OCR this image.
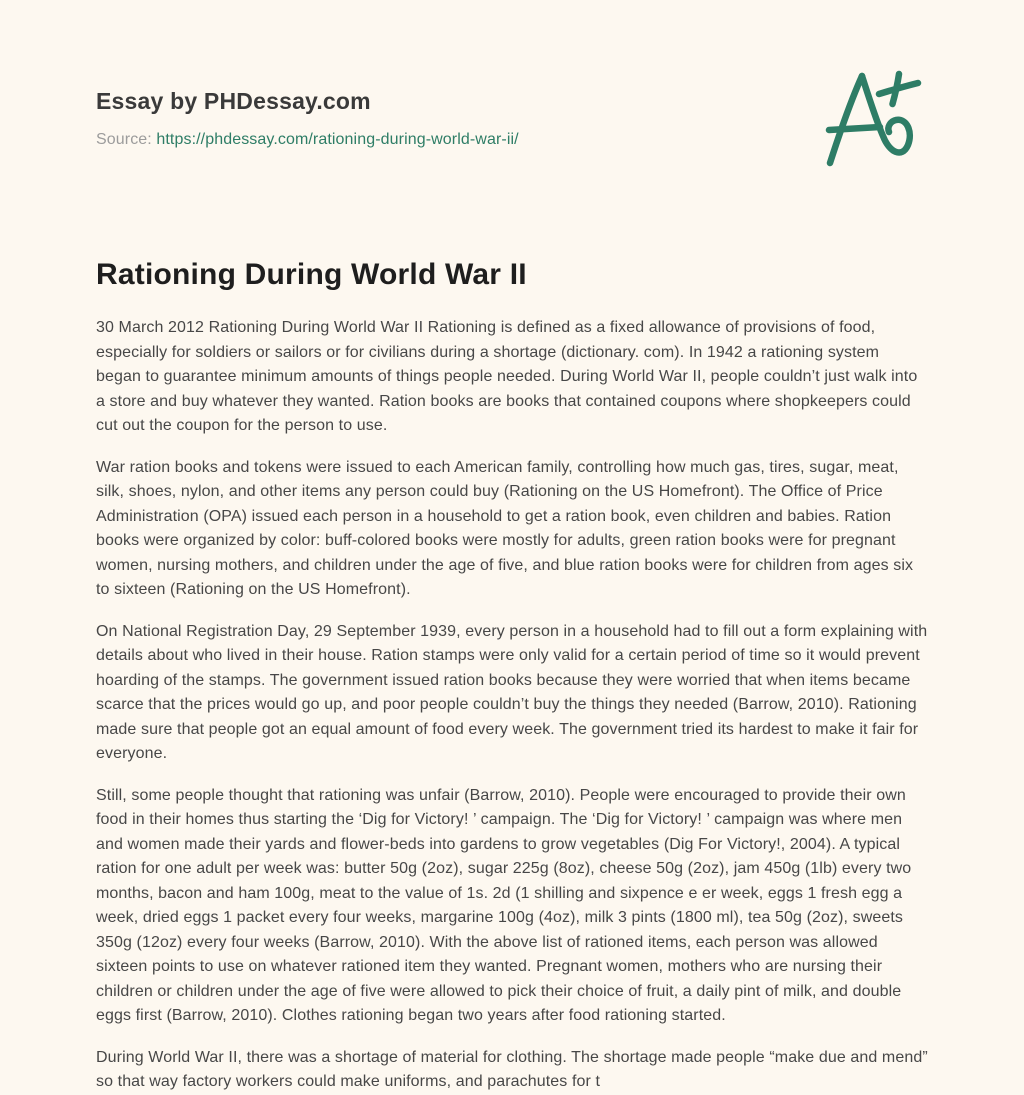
Essay by PHDessay.com
Source: https://phdessay.com/rationing-during-world-war-ii/
Rationing During World War II

30 March 2012 Rationing During World War II Rationing is defined as a fixed allowance of provisions of food, especially for soldiers or sailors or for civilians during a shortage (dictionary. com). In 1942 a rationing system began to guarantee minimum amounts of things people needed. During World War II, people couldn’t just walk into a store and buy whatever they wanted. Ration books are books that contained coupons where shopkeepers could cut out the coupon for the person to use.

War ration books and tokens were issued to each American family, controlling how much gas, tires, sugar, meat, silk, shoes, nylon, and other items any person could buy (Rationing on the US Homefront). The Office of Price Administration (OPA) issued each person in a household to get a ration book, even children and babies. Ration books were organized by color: buff-colored books were mostly for adults, green ration books were for pregnant women, nursing mothers, and children under the age of five, and blue ration books were for children from ages six to sixteen (Rationing on the US Homefront).

On National Registration Day, 29 September 1939, every person in a household had to fill out a form explaining with details about who lived in their house. Ration stamps were only valid for a certain period of time so it would prevent hoarding of the stamps. The government issued ration books because they were worried that when items became scarce that the prices would go up, and poor people couldn’t buy the things they needed (Barrow, 2010). Rationing made sure that people got an equal amount of food every week. The government tried its hardest to make it fair for everyone.

Still, some people thought that rationing was unfair (Barrow, 2010). People were encouraged to provide their own food in their homes thus starting the ‘Dig for Victory! ’ campaign. The ‘Dig for Victory! ’ campaign was where men and women made their yards and flower-beds into gardens to grow vegetables (Dig For Victory!, 2004). A typical ration for one adult per week was: butter 50g (2oz), sugar 225g (8oz), cheese 50g (2oz), jam 450g (1lb) every two months, bacon and ham 100g, meat to the value of 1s. 2d (1 shilling and sixpence e er week, eggs 1 fresh egg a week, dried eggs 1 packet every four weeks, margarine 100g (4oz), milk 3 pints (1800 ml), tea 50g (2oz), sweets 350g (12oz) every four weeks (Barrow, 2010). With the above list of rationed items, each person was allowed sixteen points to use on whatever rationed item they wanted. Pregnant women, mothers who are nursing their children or children under the age of five were allowed to pick their choice of fruit, a daily pint of milk, and double eggs first (Barrow, 2010). Clothes rationing began two years after food rationing started.

During World War II, there was a shortage of material for clothing. The shortage made people “make due and mend” so that way factory workers could make uniforms, and parachutes for t
